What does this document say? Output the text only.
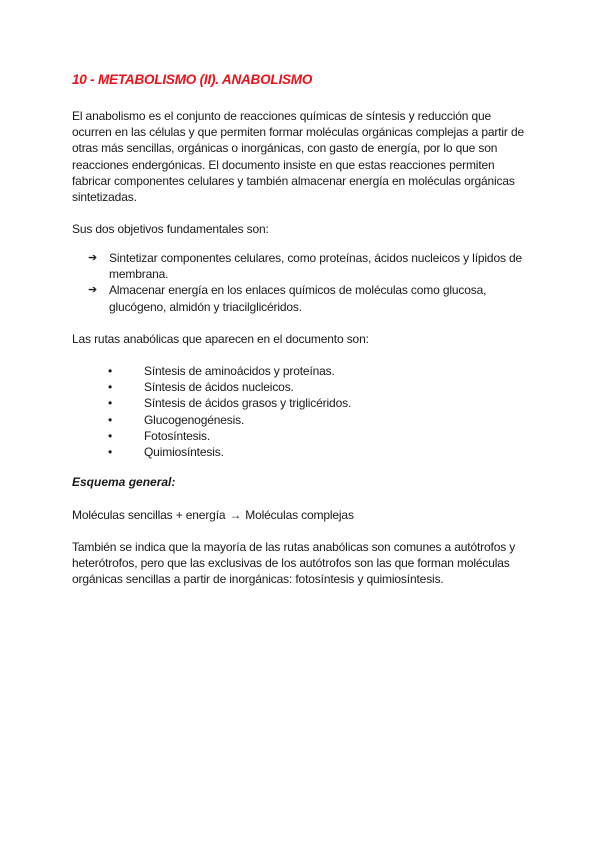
10 - METABOLISMO (II). ANABOLISMO
El anabolismo es el conjunto de reacciones químicas de síntesis y reducción que ocurren en las células y que permiten formar moléculas orgánicas complejas a partir de otras más sencillas, orgánicas o inorgánicas, con gasto de energía, por lo que son reacciones endergónicas. El documento insiste en que estas reacciones permiten fabricar componentes celulares y también almacenar energía en moléculas orgánicas sintetizadas.
Sus dos objetivos fundamentales son:
➔ Sintetizar componentes celulares, como proteínas, ácidos nucleicos y lípidos de membrana.
➔ Almacenar energía en los enlaces químicos de moléculas como glucosa, glucógeno, almidón y triacilglicéridos.
Las rutas anabólicas que aparecen en el documento son:
•	Síntesis de aminoácidos y proteínas.
•	Síntesis de ácidos nucleicos.
•	Síntesis de ácidos grasos y triglicéridos.
•	Glucogenogénesis.
•	Fotosíntesis.
•	Quimiosíntesis.
Esquema general:
Moléculas sencillas + energía → Moléculas complejas
También se indica que la mayoría de las rutas anabólicas son comunes a autótrofos y heterótrofos, pero que las exclusivas de los autótrofos son las que forman moléculas orgánicas sencillas a partir de inorgánicas: fotosíntesis y quimiosíntesis.
